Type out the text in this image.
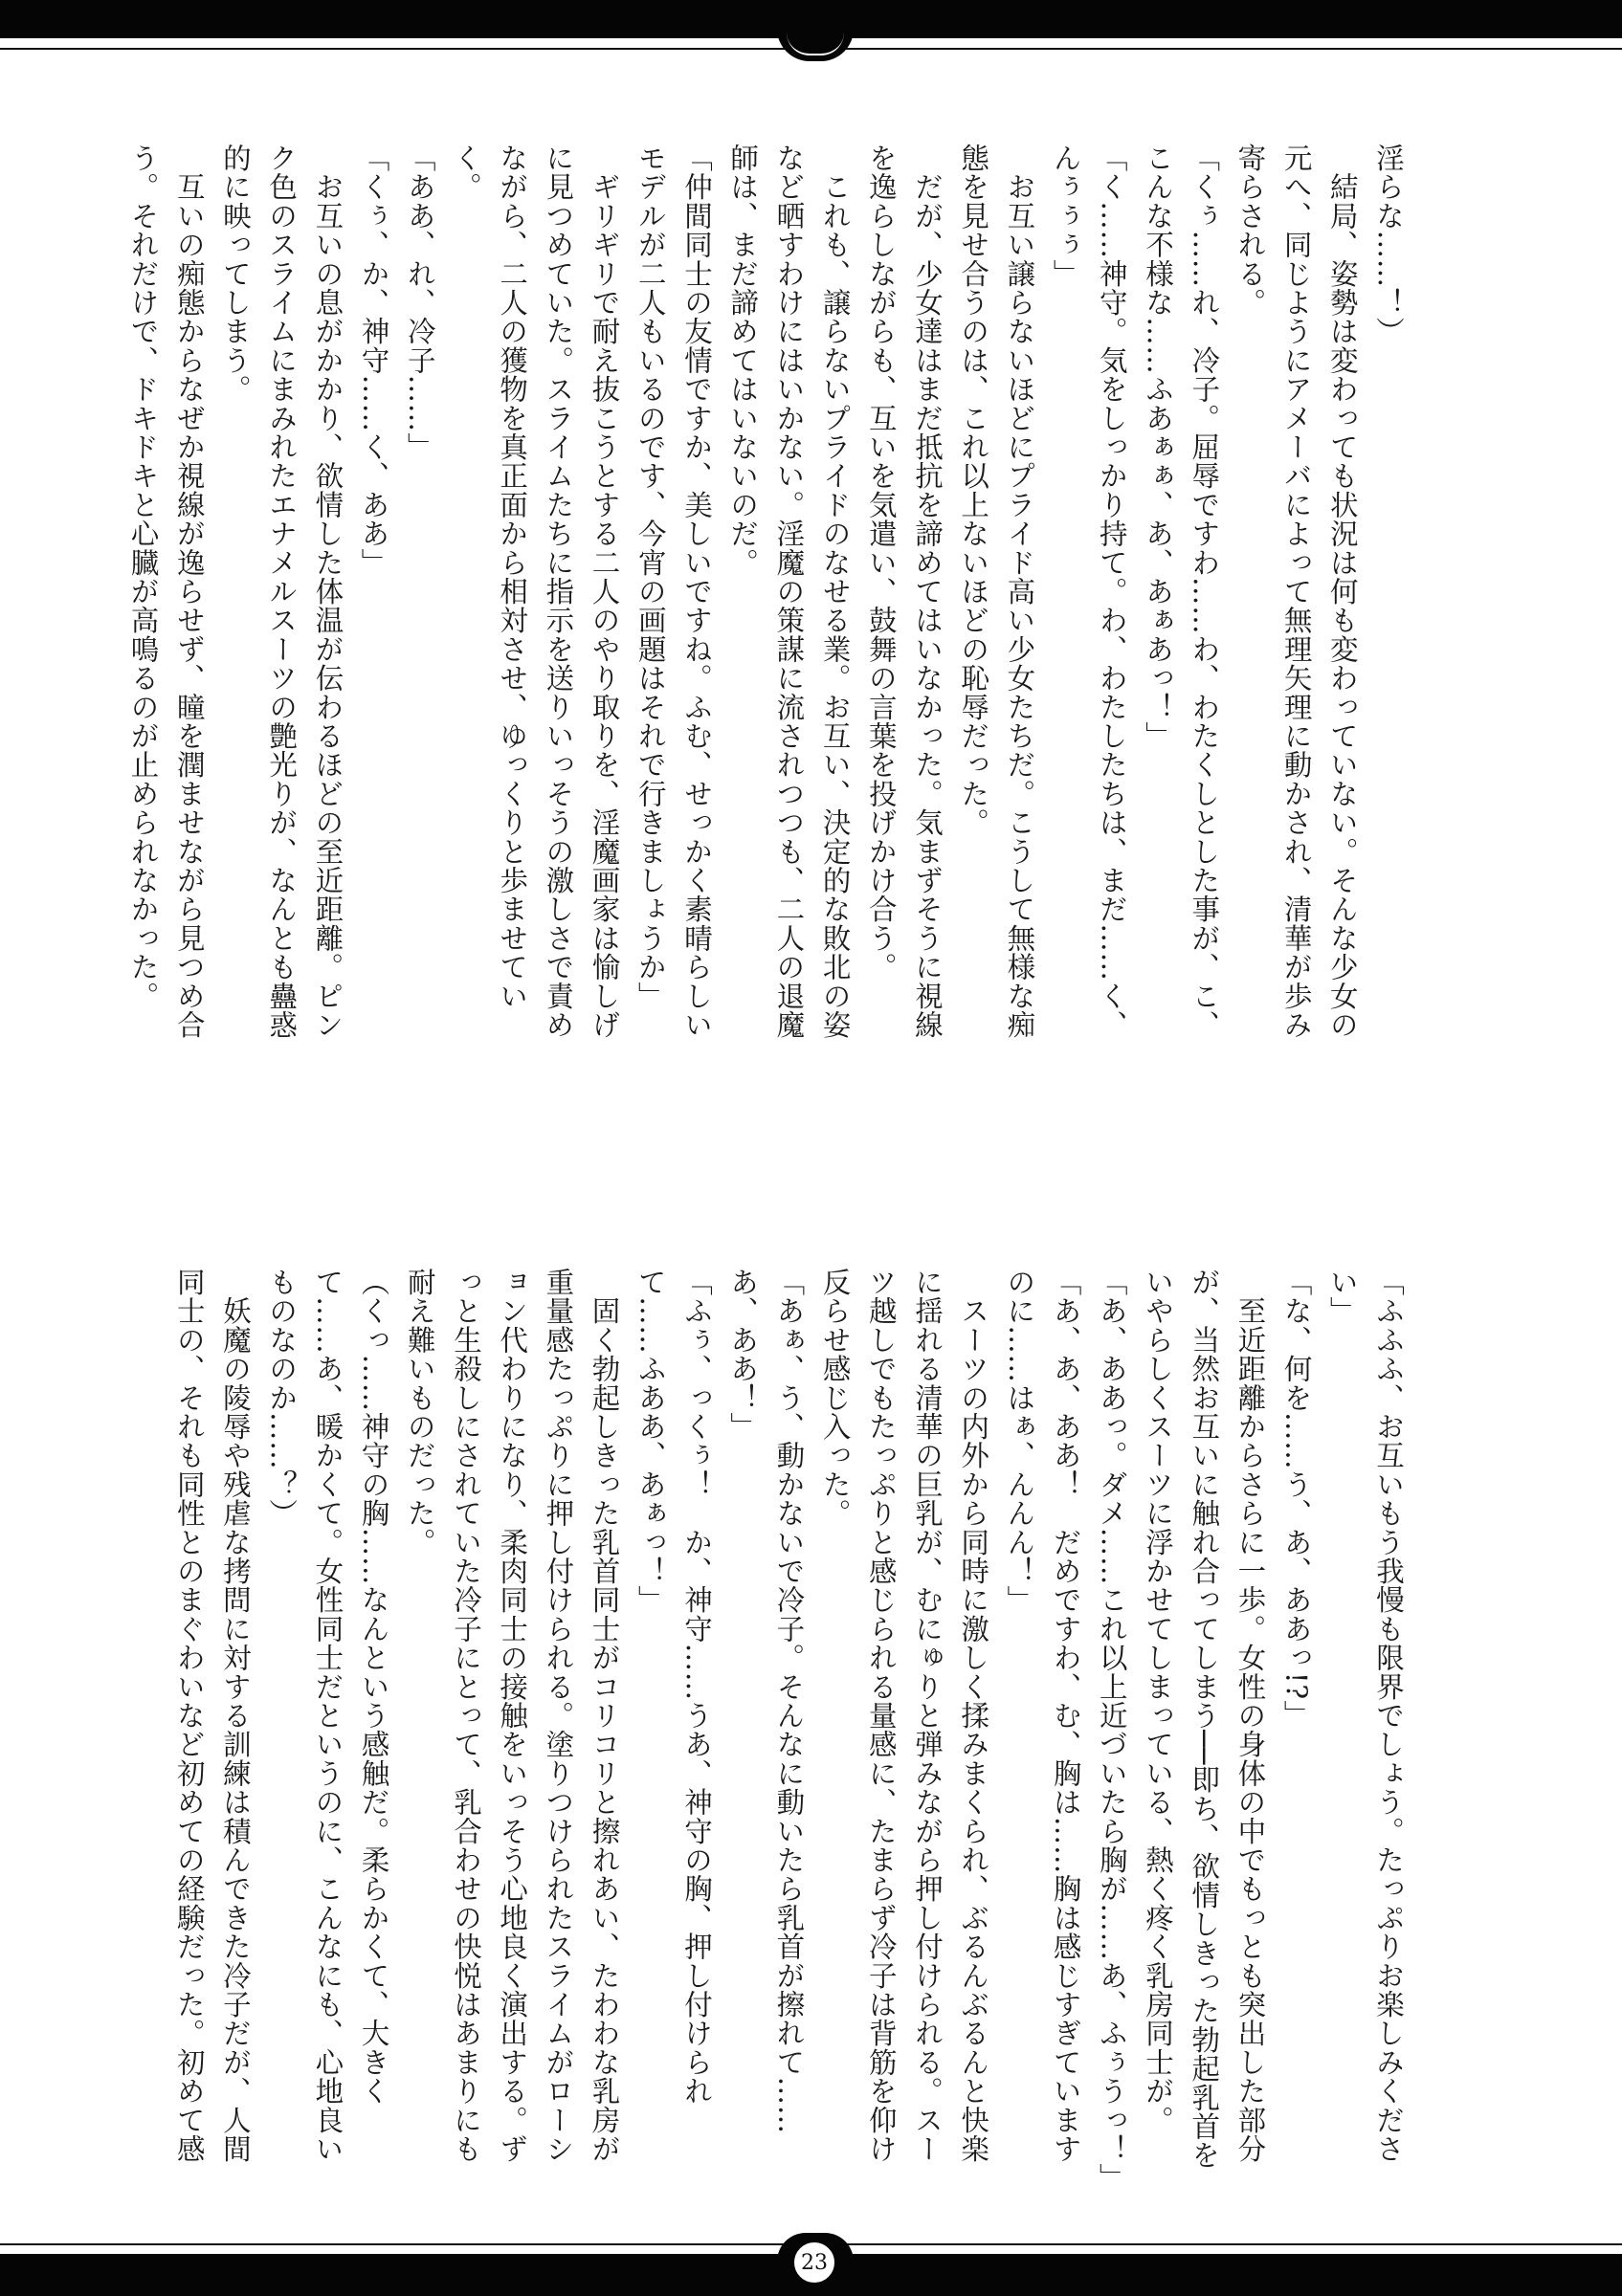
淫らな……！）

　結局、姿勢は変わっても状況は何も変わっていない。そんな少女の元へ、同じようにアメーバによって無理矢理に動かされ、清華が歩み寄らされる。

「くぅ……れ、冷子。屈辱ですわ……わ、わたくしとした事が、こ、こんな不様な……ふあぁぁ、あ、あぁあっ！」

「く……神守。気をしっかり持て。わ、わたしたちは、まだ……く、んぅぅぅ」

　お互い譲らないほどにプライド高い少女たちだ。こうして無様な痴態を見せ合うのは、これ以上ないほどの恥辱だった。

　だが、少女達はまだ抵抗を諦めてはいなかった。気まずそうに視線を逸らしながらも、互いを気遣い、鼓舞の言葉を投げかけ合う。

　これも、譲らないプライドのなせる業。お互い、決定的な敗北の姿など晒すわけにはいかない。淫魔の策謀に流されつつも、二人の退魔師は、まだ諦めてはいないのだ。

「仲間同士の友情ですか、美しいですね。ふむ、せっかく素晴らしいモデルが二人もいるのです、今宵の画題はそれで行きましょうか」

　ギリギリで耐え抜こうとする二人のやり取りを、淫魔画家は愉しげに見つめていた。スライムたちに指示を送りいっそうの激しさで責めながら、二人の獲物を真正面から相対させ、ゆっくりと歩ませていく。

「ああ、れ、冷子……」

「くぅ、か、神守……く、ああ」

　お互いの息がかかり、欲情した体温が伝わるほどの至近距離。ピンク色のスライムにまみれたエナメルスーツの艶光りが、なんとも蠱惑的に映ってしまう。

　互いの痴態からなぜか視線が逸らせず、瞳を潤ませながら見つめ合う。それだけで、ドキドキと心臓が高鳴るのが止められなかった。

「ふふふ、お互いもう我慢も限界でしょう。たっぷりお楽しみください」

「な、何を……う、あ、ああっ!?」

　至近距離からさらに一歩。女性の身体の中でもっとも突出した部分が、当然お互いに触れ合ってしまう──即ち、欲情しきった勃起乳首をいやらしくスーツに浮かせてしまっている、熱く疼く乳房同士が。

「あ、ああっ。ダメ……これ以上近づいたら胸が……あ、ふぅうっ！」

「あ、あ、ああ！　だめですわ、む、胸は……胸は感じすぎていますのに……はぁ、んんん！」

　スーツの内外から同時に激しく揉みまくられ、ぶるんぶるんと快楽に揺れる清華の巨乳が、むにゅりと弾みながら押し付けられる。スーツ越しでもたっぷりと感じられる量感に、たまらず冷子は背筋を仰け反らせ感じ入った。

「あぁ、う、動かないで冷子。そんなに動いたら乳首が擦れて……あ、ああ！」

「ふぅ、っくぅ！　か、神守……うあ、神守の胸、押し付けられて……ふああ、あぁっ！」

　固く勃起しきった乳首同士がコリコリと擦れあい、たわわな乳房が重量感たっぷりに押し付けられる。塗りつけられたスライムがローション代わりになり、柔肉同士の接触をいっそう心地良く演出する。ずっと生殺しにされていた冷子にとって、乳合わせの快悦はあまりにも耐え難いものだった。

（くっ……神守の胸……なんという感触だ。柔らかくて、大きくて……あ、暖かくて。女性同士だというのに、こんなにも、心地良いものなのか……？）

　妖魔の陵辱や残虐な拷問に対する訓練は積んできた冷子だが、人間同士の、それも同性とのまぐわいなど初めての経験だった。初めて感

23
